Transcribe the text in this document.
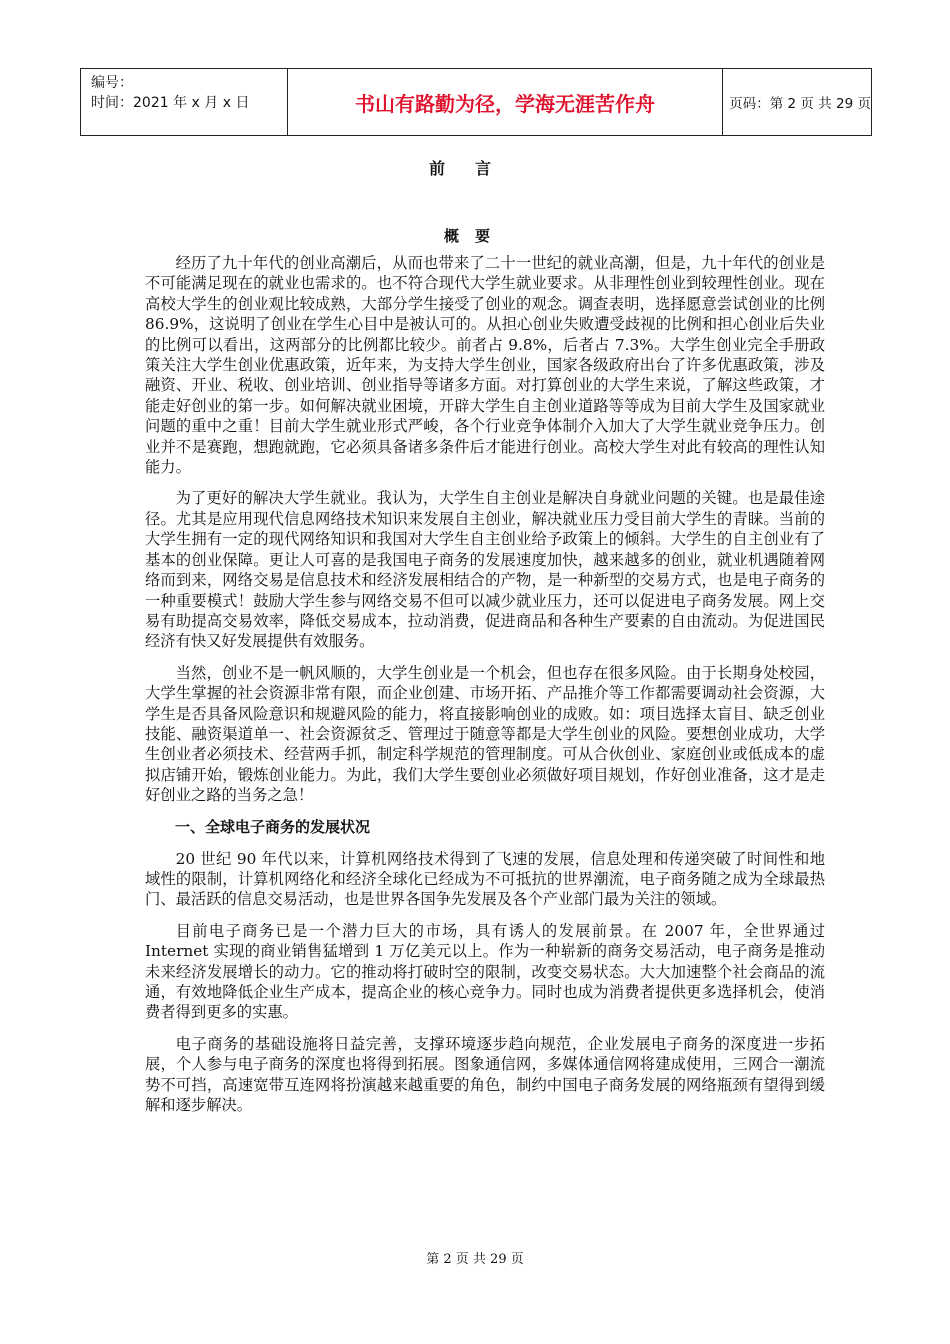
编号：
时间：2021 年 x 月 x 日	书山有路勤为径，学海无涯苦作舟	页码：第 2 页 共 29 页
前言
概要

经历了九十年代的创业高潮后，从而也带来了二十一世纪的就业高潮，但是，九十年代的创业是不可能满足现在的就业也需求的。也不符合现代大学生就业要求。从非理性创业到较理性创业。现在高校大学生的创业观比较成熟，大部分学生接受了创业的观念。调查表明，选择愿意尝试创业的比例 86.9%，这说明了创业在学生心目中是被认可的。从担心创业失败遭受歧视的比例和担心创业后失业的比例可以看出，这两部分的比例都比较少。前者占 9.8%，后者占 7.3%。大学生创业完全手册政策关注大学生创业优惠政策，近年来，为支持大学生创业，国家各级政府出台了许多优惠政策，涉及融资、开业、税收、创业培训、创业指导等诸多方面。对打算创业的大学生来说，了解这些政策，才能走好创业的第一步。如何解决就业困境，开辟大学生自主创业道路等等成为目前大学生及国家就业问题的重中之重！目前大学生就业形式严峻，各个行业竞争体制介入加大了大学生就业竞争压力。创业并不是赛跑，想跑就跑，它必须具备诸多条件后才能进行创业。高校大学生对此有较高的理性认知能力。

为了更好的解决大学生就业。我认为，大学生自主创业是解决自身就业问题的关键。也是最佳途径。尤其是应用现代信息网络技术知识来发展自主创业，解决就业压力受目前大学生的青睐。当前的大学生拥有一定的现代网络知识和我国对大学生自主创业给予政策上的倾斜。大学生的自主创业有了基本的创业保障。更让人可喜的是我国电子商务的发展速度加快，越来越多的创业，就业机遇随着网络而到来，网络交易是信息技术和经济发展相结合的产物，是一种新型的交易方式，也是电子商务的一种重要模式！鼓励大学生参与网络交易不但可以减少就业压力，还可以促进电子商务发展。网上交易有助提高交易效率，降低交易成本，拉动消费，促进商品和各种生产要素的自由流动。为促进国民经济有快又好发展提供有效服务。

当然，创业不是一帆风顺的，大学生创业是一个机会，但也存在很多风险。由于长期身处校园，大学生掌握的社会资源非常有限，而企业创建、市场开拓、产品推介等工作都需要调动社会资源，大学生是否具备风险意识和规避风险的能力，将直接影响创业的成败。如：项目选择太盲目、缺乏创业技能、融资渠道单一、社会资源贫乏、管理过于随意等都是大学生创业的风险。要想创业成功，大学生创业者必须技术、经营两手抓，制定科学规范的管理制度。可从合伙创业、家庭创业或低成本的虚拟店铺开始，锻炼创业能力。为此，我们大学生要创业必须做好项目规划，作好创业准备，这才是走好创业之路的当务之急！

一、全球电子商务的发展状况

20 世纪 90 年代以来，计算机网络技术得到了飞速的发展，信息处理和传递突破了时间性和地域性的限制，计算机网络化和经济全球化已经成为不可抵抗的世界潮流，电子商务随之成为全球最热门、最活跃的信息交易活动，也是世界各国争先发展及各个产业部门最为关注的领域。

目前电子商务已是一个潜力巨大的市场，具有诱人的发展前景。在 2007 年，全世界通过 Internet 实现的商业销售猛增到 1 万亿美元以上。作为一种崭新的商务交易活动，电子商务是推动未来经济发展增长的动力。它的推动将打破时空的限制，改变交易状态。大大加速整个社会商品的流通，有效地降低企业生产成本，提高企业的核心竞争力。同时也成为消费者提供更多选择机会，使消费者得到更多的实惠。

电子商务的基础设施将日益完善，支撑环境逐步趋向规范，企业发展电子商务的深度进一步拓展，个人参与电子商务的深度也将得到拓展。图象通信网，多媒体通信网将建成使用，三网合一潮流势不可挡，高速宽带互连网将扮演越来越重要的角色，制约中国电子商务发展的网络瓶颈有望得到缓解和逐步解决。

第 2 页 共 29 页
